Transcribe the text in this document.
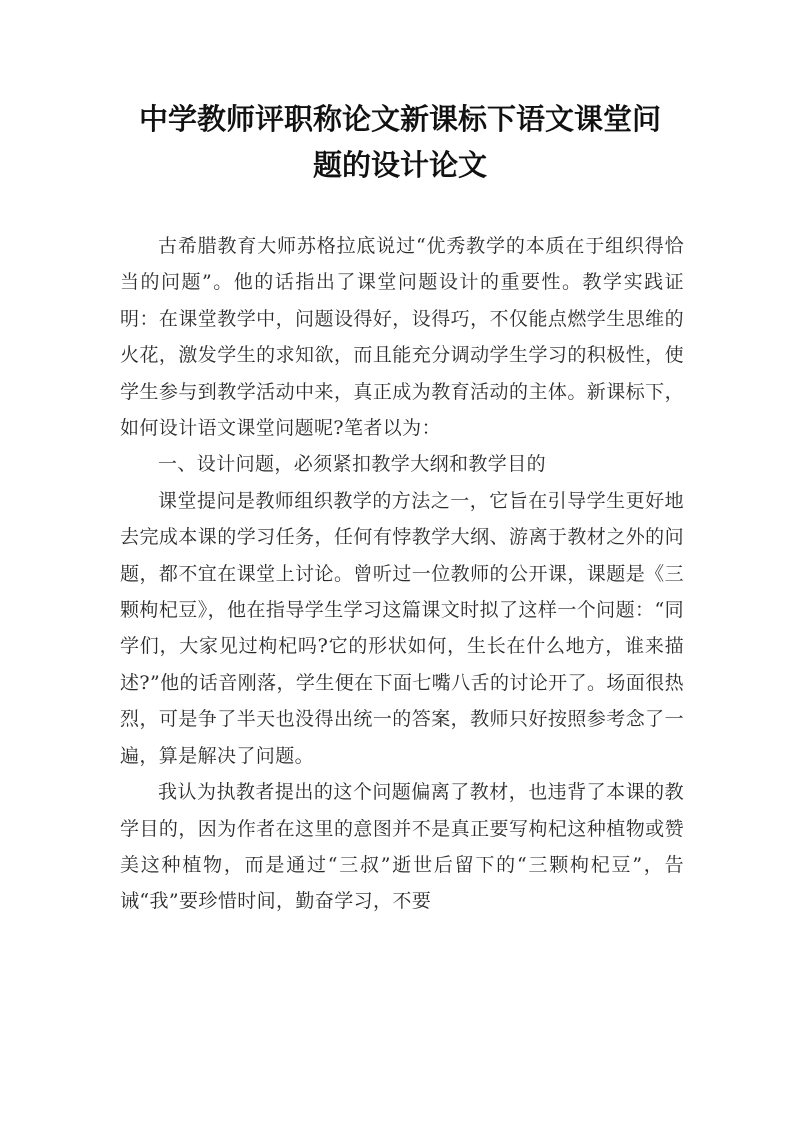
中学教师评职称论文新课标下语文课堂问
题的设计论文

古希腊教育大师苏格拉底说过“优秀教学的本质在于组织得恰当的问题”。他的话指出了课堂问题设计的重要性。教学实践证明：在课堂教学中，问题设得好，设得巧，不仅能点燃学生思维的火花，激发学生的求知欲，而且能充分调动学生学习的积极性，使学生参与到教学活动中来，真正成为教育活动的主体。新课标下，如何设计语文课堂问题呢?笔者以为：

一、设计问题，必须紧扣教学大纲和教学目的

课堂提问是教师组织教学的方法之一，它旨在引导学生更好地去完成本课的学习任务，任何有悖教学大纲、游离于教材之外的问题，都不宜在课堂上讨论。曾听过一位教师的公开课，课题是《三颗枸杞豆》，他在指导学生学习这篇课文时拟了这样一个问题：“同学们，大家见过枸杞吗?它的形状如何，生长在什么地方，谁来描述?”他的话音刚落，学生便在下面七嘴八舌的讨论开了。场面很热烈，可是争了半天也没得出统一的答案，教师只好按照参考念了一遍，算是解决了问题。

我认为执教者提出的这个问题偏离了教材，也违背了本课的教学目的，因为作者在这里的意图并不是真正要写枸杞这种植物或赞美这种植物，而是通过“三叔”逝世后留下的“三颗枸杞豆”，告诫“我”要珍惜时间，勤奋学习，不要
